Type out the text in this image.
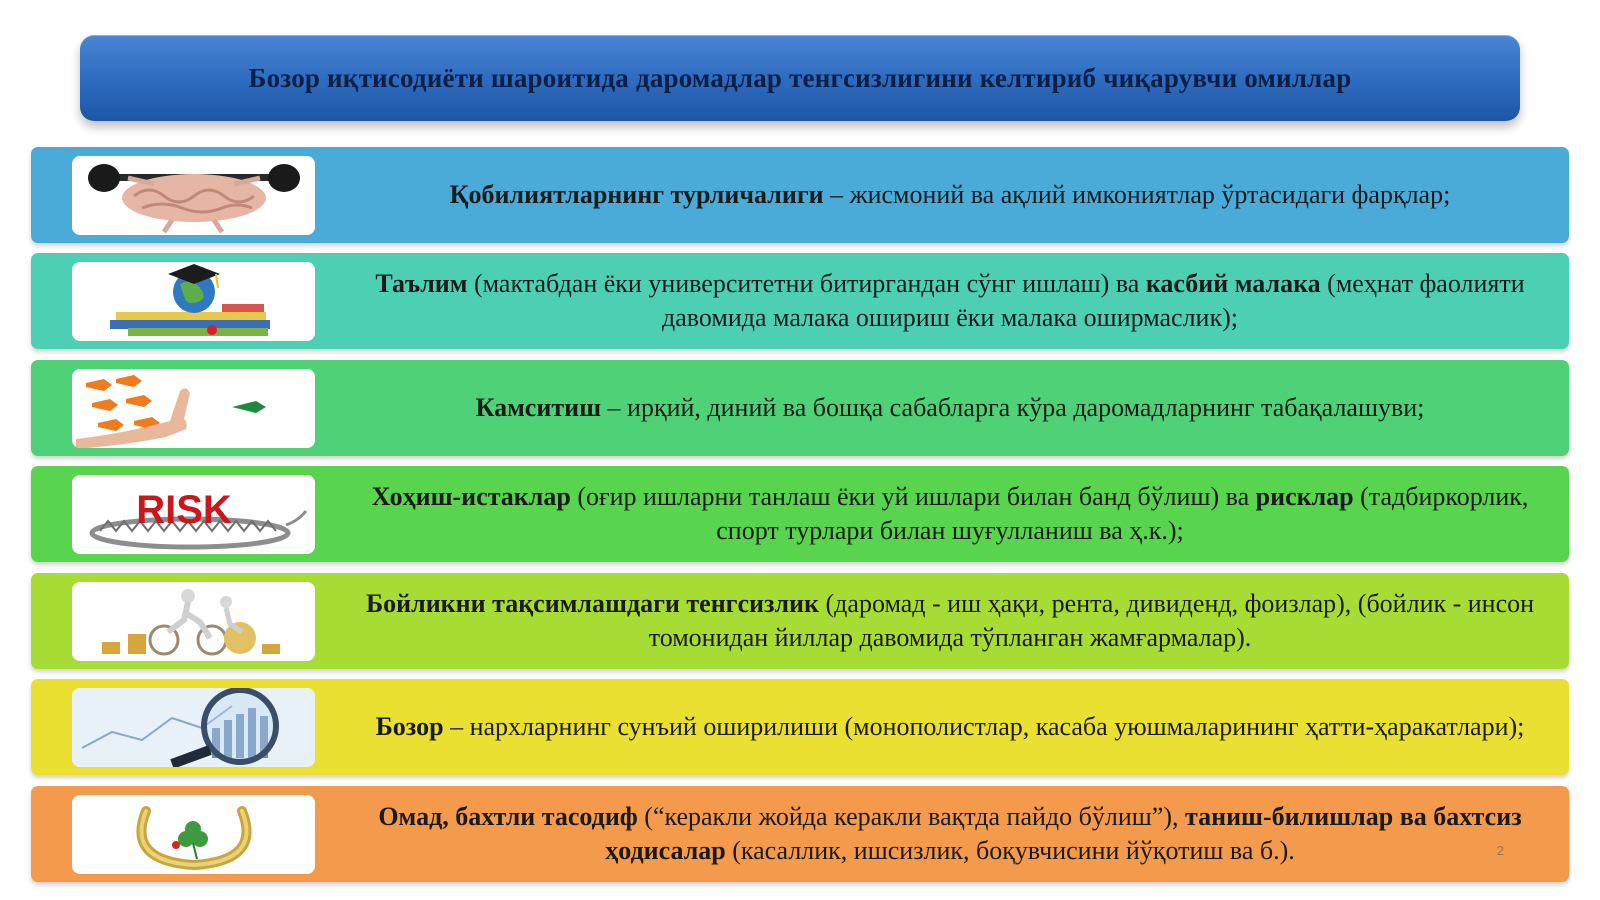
Бозор иқтисодиёти шароитида даромадлар тенгсизлигини келтириб чиқарувчи омиллар

Қобилиятларнинг турличалиги – жисмоний ва ақлий имкониятлар ўртасидаги фарқлар;

Таълим (мактабдан ёки университетни битиргандан сўнг ишлаш) ва касбий малака (меҳнат фаолияти давомида малака ошириш ёки малака оширмаслик);

Камситиш – ирқий, диний ва бошқа сабабларга кўра даромадларнинг табақалашуви;

RISK	Хоҳиш-истаклар (оғир ишларни танлаш ёки уй ишлари билан банд бўлиш) ва рисклар (тадбиркорлик, спорт турлари билан шуғулланиш ва ҳ.к.);

Бойликни тақсимлашдаги тенгсизлик (даромад - иш ҳақи, рента, дивиденд, фоизлар), (бойлик - инсон томонидан йиллар давомида тўпланган жамғармалар).

Бозор – нархларнинг сунъий оширилиши (монополистлар, касаба уюшмаларининг ҳатти-ҳаракатлари);

Омад, бахтли тасодиф (“керакли жойда керакли вақтда пайдо бўлиш”), таниш-билишлар ва бахтсиз ҳодисалар (касаллик, ишсизлик, боқувчисини йўқотиш ва б.).	2
